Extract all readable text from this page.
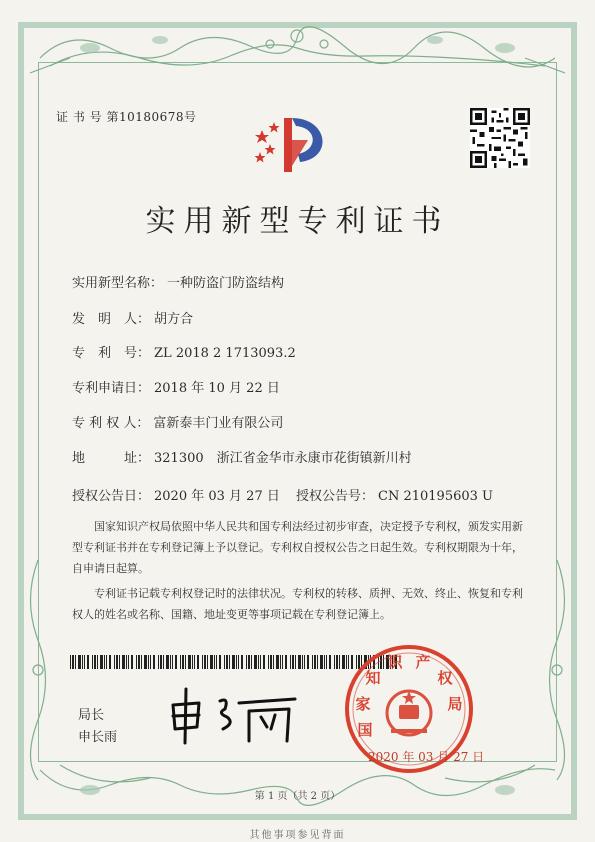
证 书 号 第10180678号
实用新型专利证书
实用新型名称： 一种防盗门防盗结构
发　明　人： 胡方合
专　利　号： ZL 2018 2 1713093.2
专利申请日： 2018 年 10 月 22 日
专 利 权 人： 富新泰丰门业有限公司
地　　　址： 321300　浙江省金华市永康市花街镇新川村
授权公告日： 2020 年 03 月 27 日 授权公告号： CN 210195603 U
国家知识产权局依照中华人民共和国专利法经过初步审查，决定授予专利权，颁发实用新型专利证书并在专利登记簿上予以登记。专利权自授权公告之日起生效。专利权期限为十年，自申请日起算。
专利证书记载专利权登记时的法律状况。专利权的转移、质押、无效、终止、恢复和专利权人的姓名或名称、国籍、地址变更等事项记载在专利登记簿上。
局长
申长雨	国
家
知
识 产
权
局
2020 年 03 月 27 日
第 1 页（共 2 页）
其他事项参见背面
